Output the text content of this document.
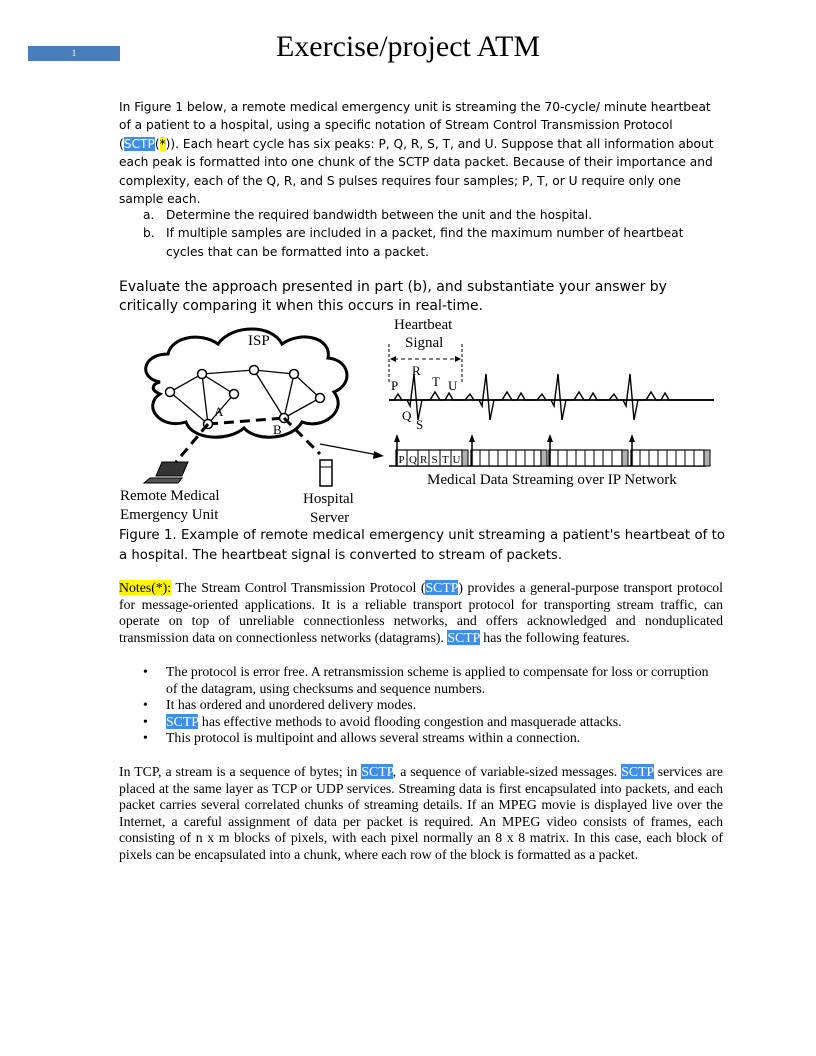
1	Exercise/project ATM
In Figure 1 below, a remote medical emergency unit is streaming the 70-cycle/ minute heartbeat of a patient to a hospital, using a specific notation of Stream Control Transmission Protocol (SCTP(*)). Each heart cycle has six peaks: P, Q, R, S, T, and U. Suppose that all information about each peak is formatted into one chunk of the SCTP data packet. Because of their importance and complexity, each of the Q, R, and S pulses requires four samples; P, T, or U require only one sample each.
a. Determine the required bandwidth between the unit and the hospital.
b. If multiple samples are included in a packet, find the maximum number of heartbeat cycles that can be formatted into a packet.
Evaluate the approach presented in part (b), and substantiate your answer by critically comparing it when this occurs in real-time.
ISP
A
B
Remote Medical
Emergency Unit
Hospital
Server
Heartbeat
Signal
R
P	T U
Q
S
P Q R S T U
Medical Data Streaming over IP Network
Figure 1. Example of remote medical emergency unit streaming a patient's heartbeat of to a hospital. The heartbeat signal is converted to stream of packets.
Notes(*): The Stream Control Transmission Protocol (SCTP) provides a general-purpose transport protocol for message-oriented applications. It is a reliable transport protocol for transporting stream traffic, can operate on top of unreliable connectionless networks, and offers acknowledged and nonduplicated transmission data on connectionless networks (datagrams). SCTP has the following features.
• The protocol is error free. A retransmission scheme is applied to compensate for loss or corruption of the datagram, using checksums and sequence numbers.
• It has ordered and unordered delivery modes.
• SCTP has effective methods to avoid flooding congestion and masquerade attacks.
• This protocol is multipoint and allows several streams within a connection.
In TCP, a stream is a sequence of bytes; in SCTP, a sequence of variable-sized messages. SCTP services are placed at the same layer as TCP or UDP services. Streaming data is first encapsulated into packets, and each packet carries several correlated chunks of streaming details. If an MPEG movie is displayed live over the Internet, a careful assignment of data per packet is required. An MPEG video consists of frames, each consisting of n x m blocks of pixels, with each pixel normally an 8 x 8 matrix. In this case, each block of pixels can be encapsulated into a chunk, where each row of the block is formatted as a packet.
